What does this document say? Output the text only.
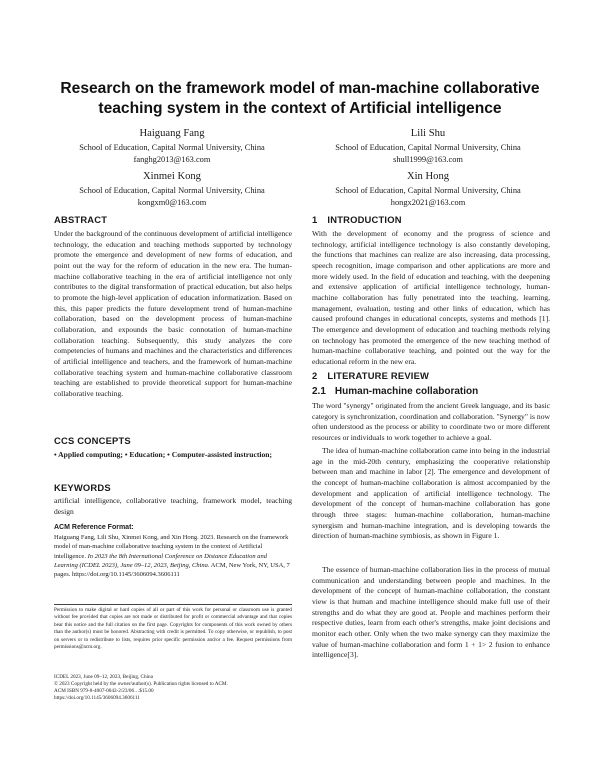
Research on the framework model of man-machine collaborative teaching system in the context of Artificial intelligence
Haiguang Fang
School of Education, Capital Normal University, China
fanghg2013@163.com
Lili Shu
School of Education, Capital Normal University, China
shull1999@163.com
Xinmei Kong
School of Education, Capital Normal University, China
kongxm0@163.com
Xin Hong
School of Education, Capital Normal University, China
hongx2021@163.com
ABSTRACT

Under the background of the continuous development of artificial intelligence technology, the education and teaching methods supported by technology promote the emergence and development of new forms of education, and point out the way for the reform of education in the new era. The human-machine collaborative teaching in the era of artificial intelligence not only contributes to the digital transformation of practical education, but also helps to promote the high-level application of education informatization. Based on this, this paper predicts the future development trend of human-machine collaboration, based on the development process of human-machine collaboration, and expounds the basic connotation of human-machine collaboration teaching. Subsequently, this study analyzes the core competencies of humans and machines and the characteristics and differences of artificial intelligence and teachers, and the framework of human-machine collaborative teaching system and human-machine collaborative classroom teaching are established to provide theoretical support for human-machine collaborative teaching.

CCS CONCEPTS

• Applied computing; • Education; • Computer-assisted instruction;

KEYWORDS

artificial intelligence, collaborative teaching, framework model, teaching design

ACM Reference Format:

Haiguang Fang, Lili Shu, Xinmei Kong, and Xin Hong. 2023. Research on the framework model of man-machine collaborative teaching system in the context of Artificial intelligence. In 2023 the 8th International Conference on Distance Education and Learning (ICDEL 2023), June 09–12, 2023, Beijing, China. ACM, New York, NY, USA, 7 pages. https://doi.org/10.1145/3606094.3606111

Permission to make digital or hard copies of all or part of this work for personal or classroom use is granted without fee provided that copies are not made or distributed for profit or commercial advantage and that copies bear this notice and the full citation on the first page. Copyrights for components of this work owned by others than the author(s) must be honored. Abstracting with credit is permitted. To copy otherwise, or republish, to post on servers or to redistribute to lists, requires prior specific permission and/or a fee. Request permissions from permissions@acm.org.

ICDEL 2023, June 09–12, 2023, Beijing, China

© 2023 Copyright held by the owner/author(s). Publication rights licensed to ACM.

ACM ISBN 979-8-4007-0042-2/23/06…$15.00

https://doi.org/10.1145/3606094.3606111

1 INTRODUCTION

With the development of economy and the progress of science and technology, artificial intelligence technology is also constantly developing, the functions that machines can realize are also increasing, data processing, speech recognition, image comparison and other applications are more and more widely used. In the field of education and teaching, with the deepening and extensive application of artificial intelligence technology, human-machine collaboration has fully penetrated into the teaching, learning, management, evaluation, testing and other links of education, which has caused profound changes in educational concepts, systems and methods [1]. The emergence and development of education and teaching methods relying on technology has promoted the emergence of the new teaching method of human-machine collaborative teaching, and pointed out the way for the educational reform in the new era.

2 LITERATURE REVIEW
2.1 Human-machine collaboration

The word "synergy" originated from the ancient Greek language, and its basic category is synchronization, coordination and collaboration. "Synergy" is now often understood as the process or ability to coordinate two or more different resources or individuals to work together to achieve a goal.

The idea of human-machine collaboration came into being in the industrial age in the mid-20th century, emphasizing the cooperative relationship between man and machine in labor [2]. The emergence and development of the concept of human-machine collaboration is almost accompanied by the development and application of artificial intelligence technology. The development of the concept of human-machine collaboration has gone through three stages: human-machine collaboration, human-machine synergism and human-machine integration, and is developing towards the direction of human-machine symbiosis, as shown in Figure 1.

The essence of human-machine collaboration lies in the process of mutual communication and understanding between people and machines. In the development of the concept of human-machine collaboration, the constant view is that human and machine intelligence should make full use of their strengths and do what they are good at. People and machines perform their respective duties, learn from each other's strengths, make joint decisions and monitor each other. Only when the two make synergy can they maximize the value of human-machine collaboration and form 1 + 1> 2 fusion to enhance intelligence[3].
